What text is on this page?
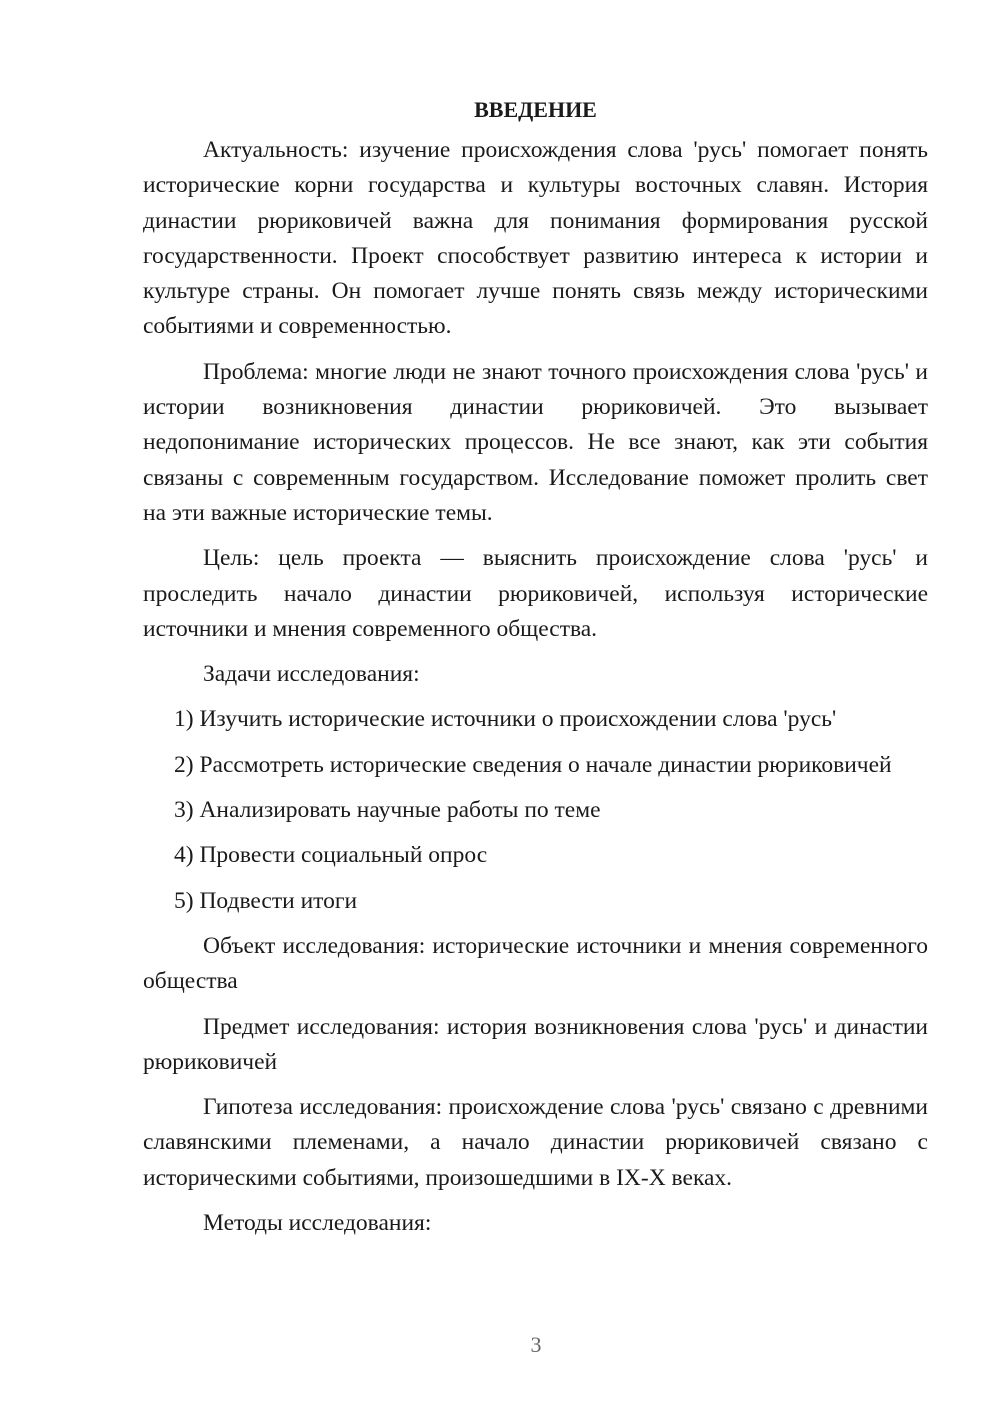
ВВЕДЕНИЕ

Актуальность: изучение происхождения слова 'русь' помогает понять исторические корни государства и культуры восточных славян. История династии рюриковичей важна для понимания формирования русской государственности. Проект способствует развитию интереса к истории и культуре страны. Он помогает лучше понять связь между историческими событиями и современностью.

Проблема: многие люди не знают точного происхождения слова 'русь' и истории возникновения династии рюриковичей. Это вызывает недопонимание исторических процессов. Не все знают, как эти события связаны с современным государством. Исследование поможет пролить свет на эти важные исторические темы.

Цель: цель проекта — выяснить происхождение слова 'русь' и проследить начало династии рюриковичей, используя исторические источники и мнения современного общества.

Задачи исследования:

1) Изучить исторические источники о происхождении слова 'русь'

2) Рассмотреть исторические сведения о начале династии рюриковичей

3) Анализировать научные работы по теме

4) Провести социальный опрос

5) Подвести итоги

Объект исследования: исторические источники и мнения современного общества

Предмет исследования: история возникновения слова 'русь' и династии рюриковичей

Гипотеза исследования: происхождение слова 'русь' связано с древними славянскими племенами, а начало династии рюриковичей связано с историческими событиями, произошедшими в IX-X веках.

Методы исследования:

3
